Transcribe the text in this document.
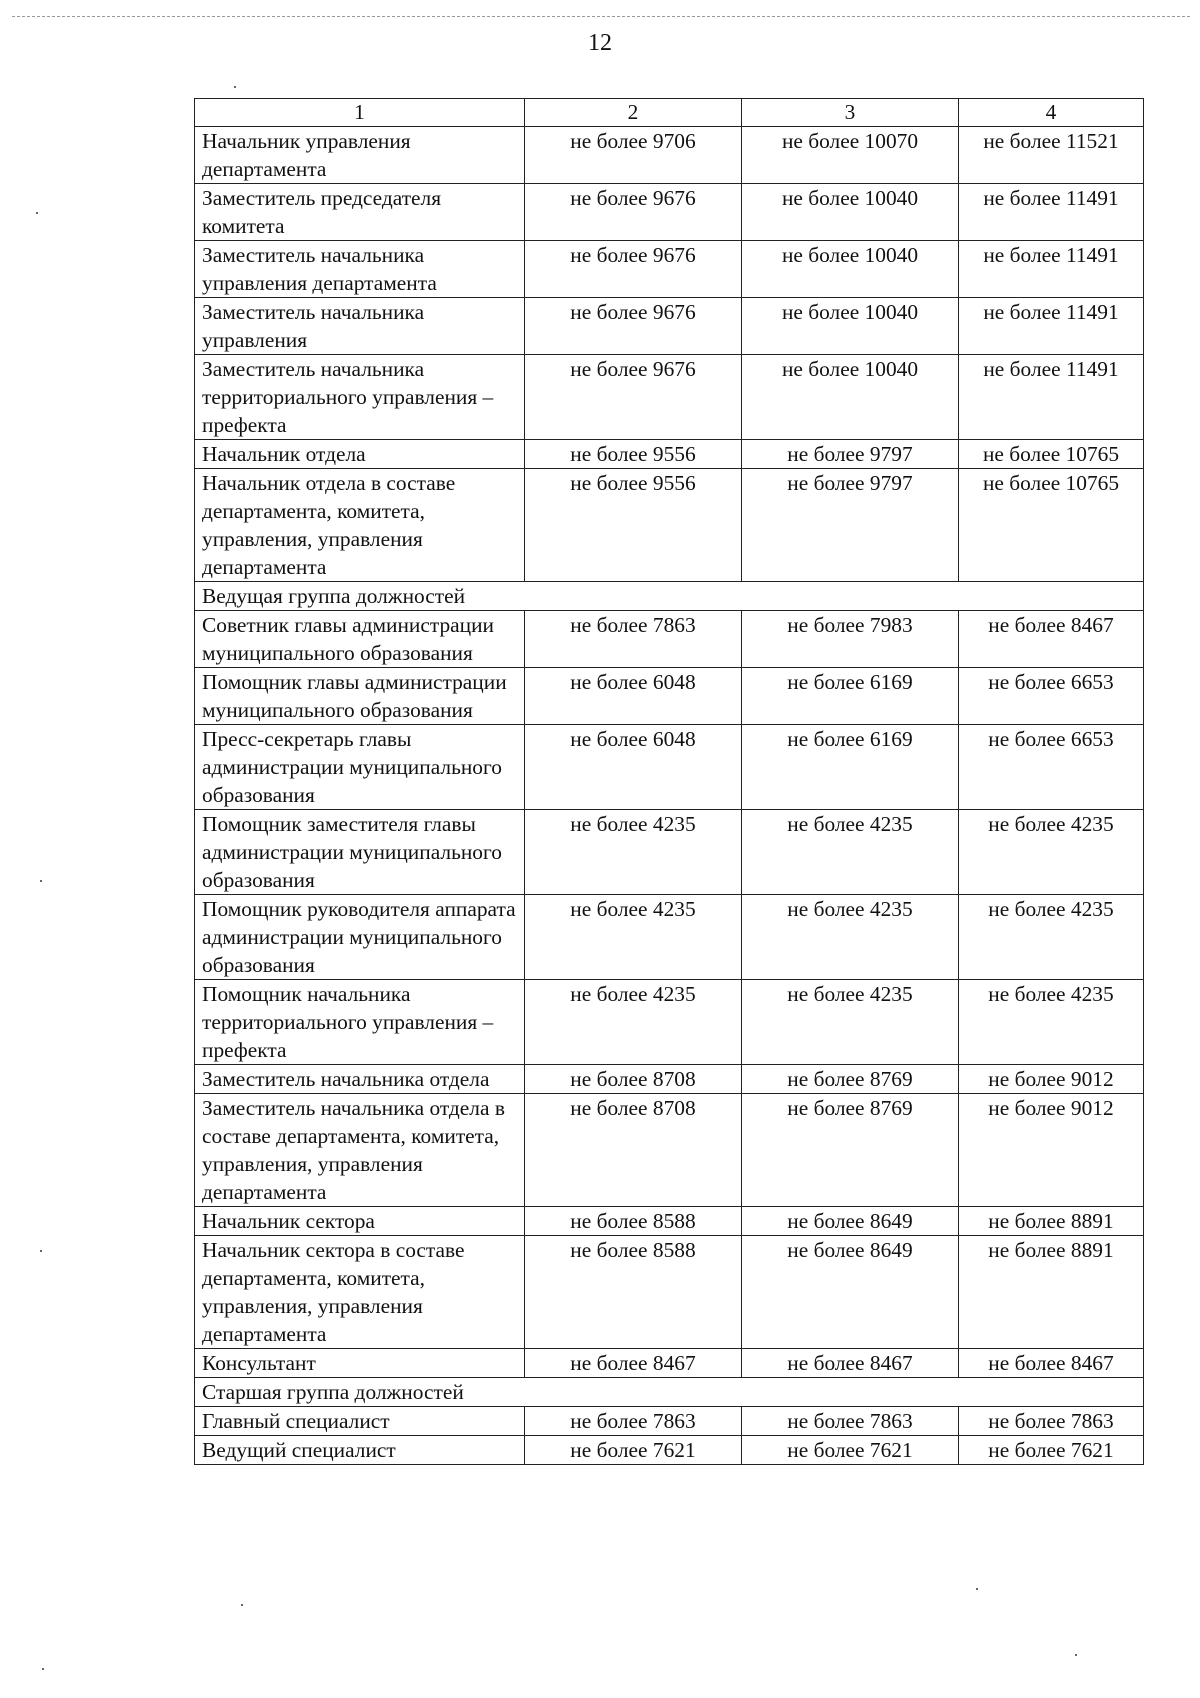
12
1	2	3	4
Начальник управления департамента	не более 9706	не более 10070	не более 11521
Заместитель председателя комитета	не более 9676	не более 10040	не более 11491
Заместитель начальника управления департамента	не более 9676	не более 10040	не более 11491
Заместитель начальника управления	не более 9676	не более 10040	не более 11491
Заместитель начальника территориального управления – префекта	не более 9676	не более 10040	не более 11491
Начальник отдела	не более 9556	не более 9797	не более 10765
Начальник отдела в составе департамента, комитета, управления, управления департамента	не более 9556	не более 9797	не более 10765
Ведущая группа должностей			
Советник главы администрации муниципального образования	не более 7863	не более 7983	не более 8467
Помощник главы администрации муниципального образования	не более 6048	не более 6169	не более 6653
Пресс-секретарь главы администрации муниципального образования	не более 6048	не более 6169	не более 6653
Помощник заместителя главы администрации муниципального образования	не более 4235	не более 4235	не более 4235
Помощник руководителя аппарата администрации муниципального образования	не более 4235	не более 4235	не более 4235
Помощник начальника территориального управления – префекта	не более 4235	не более 4235	не более 4235
Заместитель начальника отдела	не более 8708	не более 8769	не более 9012
Заместитель начальника отдела в составе департамента, комитета, управления, управления департамента	не более 8708	не более 8769	не более 9012
Начальник сектора	не более 8588	не более 8649	не более 8891
Начальник сектора в составе департамента, комитета, управления, управления департамента	не более 8588	не более 8649	не более 8891
Консультант	не более 8467	не более 8467	не более 8467
Старшая группа должностей			
Главный специалист	не более 7863	не более 7863	не более 7863
Ведущий специалист	не более 7621	не более 7621	не более 7621
